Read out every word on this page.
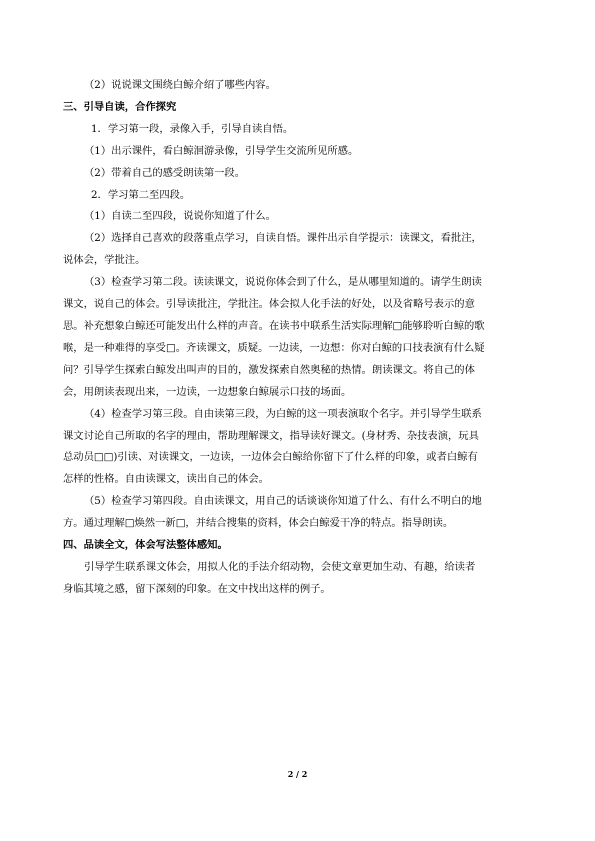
（2）说说课文围绕白鲸介绍了哪些内容。
三、引导自读，合作探究
1．学习第一段，录像入手，引导自读自悟。
（1）出示课件，看白鲸洄游录像，引导学生交流所见所感。
（2）带着自己的感受朗读第一段。
2．学习第二至四段。
（1）自读二至四段，说说你知道了什么。
（2）选择自己喜欢的段落重点学习，自读自悟。课件出示自学提示：读课文，看批注，
说体会，学批注。
（3）检查学习第二段。读读课文，说说你体会到了什么，是从哪里知道的。请学生朗读
课文，说自己的体会。引导读批注，学批注。体会拟人化手法的好处，以及省略号表示的意
思。补充想象白鲸还可能发出什么样的声音。在读书中联系生活实际理解□能够聆听白鲸的歌
喉，是一种难得的享受□。齐读课文，质疑。一边读，一边想：你对白鲸的口技表演有什么疑
问？引导学生探索白鲸发出叫声的目的，激发探索自然奥秘的热情。朗读课文。将自己的体
会，用朗读表现出来，一边读，一边想象白鲸展示口技的场面。
（4）检查学习第三段。自由读第三段，为白鲸的这一项表演取个名字。并引导学生联系
课文讨论自己所取的名字的理由，帮助理解课文，指导读好课文。(身材秀、杂技表演，玩具
总动员□□)引读、对读课文，一边读，一边体会白鲸给你留下了什么样的印象，或者白鲸有
怎样的性格。自由读课文，读出自己的体会。
（5）检查学习第四段。自由读课文，用自己的话谈谈你知道了什么、有什么不明白的地
方。通过理解□焕然一新□，并结合搜集的资料，体会白鲸爱干净的特点。指导朗读。
四、品读全文，体会写法整体感知。
引导学生联系课文体会，用拟人化的手法介绍动物，会使文章更加生动、有趣，给读者
身临其境之感，留下深刻的印象。在文中找出这样的例子。
2 / 2
